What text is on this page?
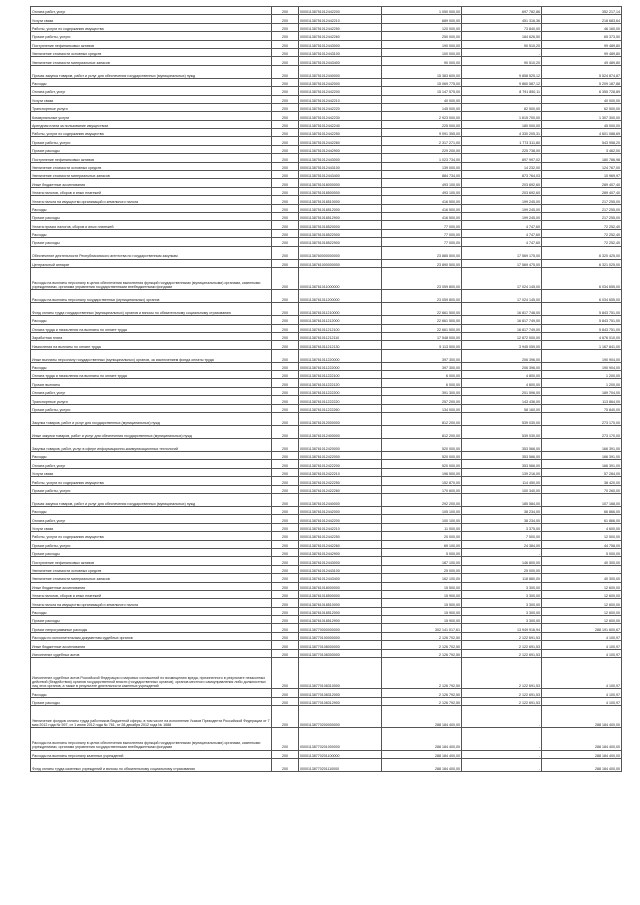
Оплата работ, услуг	200	00001138751012442200	1 050 000,00	697 782,86	352 217,14
Услуги связи	200	00001138751012442210	689 000,00	451 316,36	218 683,64
Работы, услуги по содержанию имущества	200	00001138751012442250	120 000,00	73 840,00	46 160,00
Прочие работы, услуги	200	00001138751012442260	250 000,00	184 626,50	65 373,50
Поступление нефинансовых активов	200	00001138751012443000	190 000,00	90 510,20	99 489,80
Увеличение стоимости основных средств	200	00001138751012443100	100 000,00	-	99 489,80
Увеличение стоимости материальных запасов	200	00001138751012443400	90 000,00	90 510,20	49 489,80
Прочая закупка товаров, работ и услуг для обеспечения государственных (муниципальных) нужд	200	00001138751012440000	15 383 600,00	9 858 525,12	5 524 874,87
Расходы	200	00001138751012442000	15 069 775,00	9 860 587,12	5 209 187,88
Оплата работ, услуг	200	00001138751012442200	15 147 575,00	8 791 850,11	6 355 728,89
Услуги связи	200	00001138751012442210	40 000,00	-	40 000,00
Транспортные услуги	200	00001138751012442220	145 000,00	82 500,00	62 500,00
Коммунальные услуги	200	00001138751012442230	2 923 000,00	1 615 700,00	1 307 300,00
Арендная плата за пользование имуществом	200	00001138751012442240	225 000,00	180 000,00	45 000,00
Работы, услуги по содержанию имущества	200	00001138751012442250	9 091 355,00	4 330 205,31	4 601 088,69
Прочие работы, услуги	200	00001138751012442260	2 317 271,00	1 773 311,80	543 958,20
Прочие расходы	200	00001138751012442900	229 200,00	225 738,00	3 462,00
Поступление нефинансовых активов	200	00001138751012443000	1 023 734,00	897 997,02	180 786,98
Увеличение стоимости основных средств	200	00001138751012443100	139 000,00	14 232,00	124 767,00
Увеличение стоимости материальных запасов	200	00001138751012443400	884 734,00	873 764,03	10 969,97
Иные бюджетные ассигнования	200	00001138751018000000	493 100,00	203 692,60	289 407,40
Уплата налогов, сборов и иных платежей	200	00001138751018500000	493 100,00	203 692,60	289 407,40
Уплата налога на имущество организаций и земельного налога	200	00001138751018510000	416 500,00	199 245,00	217 255,00
Расходы	200	00001138751018512000	416 500,00	199 245,00	217 255,00
Прочие расходы	200	00001138751018512900	416 500,00	199 245,00	217 255,00
Уплата прочих налогов, сборов и иных платежей	200	00001138751018520000	77 000,00	4 747,60	72 252,40
Расходы	200	00001138751018522000	77 000,00	4 747,60	72 252,40
Прочие расходы	200	00001138751018522900	77 000,00	4 747,60	72 252,40
Обеспечение деятельности Республиканского агентства по государственным закупкам	200	00001138760000000000	23 885 500,00	17 569 175,00	6 320 425,00
Центральный аппарат	200	00001138761000000000	23 890 500,00	17 569 475,00	6 321 025,00
Расходы на выплаты персоналу в целях обеспечения выполнения функций государственными (муниципальными) органами, казенными учреждениями, органами управления государственными внебюджетными фондами	200	00001138761011000000	23 059 800,00	17 024 145,00	6 034 655,00
Расходы на выплаты персоналу государственных (муниципальных) органов	200	00001138761011200000	23 059 800,00	17 024 145,00	6 034 655,00
Фонд оплаты труда государственных (муниципальных) органов и взносы по обязательному социальному страхованию	200	00001138761011210000	22 661 500,00	16 817 748,00	5 843 751,00
Расходы	200	00001138761011212000	22 661 500,00	16 817 749,00	5 843 751,00
Оплата труда и начисления на выплаты по оплате труда	200	00001138761011212100	22 661 500,00	16 817 749,00	5 843 751,00
Заработная плата	200	00001138761011212110	17 548 000,00	12 872 000,00	4 676 010,00
Начисления на выплаты по оплате труда	200	00001138761011212130	5 113 500,00	3 945 059,00	1 167 841,00
Иные выплаты персоналу государственных (муниципальных) органов, за исключением фонда оплаты труда	200	00001138761011220000	397 300,00	206 396,00	190 904,00
Расходы	200	00001138761011222000	397 300,00	206 396,00	190 904,00
Оплата труда и начисления на выплаты по оплате труда	200	00001138761011222100	6 000,00	4 800,00	1 200,00
Прочие выплаты	200	00001138761011222120	6 000,00	4 800,00	1 200,00
Оплата работ, услуг	200	00001138761011222200	391 300,00	201 596,00	189 704,00
Транспортные услуги	200	00001138761011222220	257 200,00	143 436,00	113 864,00
Прочие работы, услуги	200	00001138761011222260	134 000,00	58 160,00	75 840,00
Закупка товаров, работ и услуг для государственных (муниципальных) нужд	200	00001138761012000000	812 200,00	539 030,00	273 170,00
Иные закупки товаров, работ и услуг для обеспечения государственных (муниципальных) нужд	200	00001138761012400000	812 200,00	539 030,00	273 170,00
Закупка товаров, работ, услуг в сфере информационно-коммуникационных технологий	200	00001138761012420000	520 000,00	353 566,00	166 391,00
Расходы	200	00001138761012422000	520 000,00	353 566,00	166 391,00
Оплата работ, услуг	200	00001138761012422200	520 000,00	353 566,00	166 391,00
Услуги связи	200	00001138761012422210	196 500,00	139 216,00	57 284,00
Работы, услуги по содержанию имущества	200	00001138761012422250	152 870,00	114 450,00	38 420,00
Прочие работы, услуги	200	00001138761012422260	170 600,00	100 340,00	70 260,00
Прочая закупка товаров, работ и услуг для обеспечения государственных (муниципальных) нужд	200	00001138761012440000	292 200,00	185 584,00	107 168,00
Расходы	200	00001138761012442000	105 100,00	38 234,00	66 866,00
Оплата работ, услуг	200	00001138761012442200	100 100,00	38 234,00	61 866,00
Услуги связи	200	00001138761012442210	11 000,00	3 375,00	4 600,00
Работы, услуги по содержанию имущества	200	00001138761012442250	20 000,00	7 500,00	12 500,00
Прочие работы, услуги	200	00001138761012442260	69 100,00	24 384,00	44 758,00
Прочие расходы	200	00001138761012442900	5 000,00	-	5 000,00
Поступление нефинансовых активов	200	00001138761012443000	187 100,00	146 800,00	40 300,00
Увеличение стоимости основных средств	200	00001138761012443100	25 000,00	25 000,00	-
Увеличение стоимости материальных запасов	200	00001138761012443400	162 100,00	118 880,00	40 300,00
Иные бюджетные ассигнования	200	00001138761018000000	15 500,00	3 300,00	12 600,00
Уплата налогов, сборов и иных платежей	200	00001138761018500000	15 900,00	3 300,00	12 600,00
Уплата налога на имущество организаций и земельного налога	200	00001138761018510000	15 500,00	3 300,00	12 600,00
Расходы	200	00001138761018512000	15 900,00	3 300,00	12 600,00
Прочие расходы	200	00001138761018512900	15 900,00	3 300,00	12 600,00
Прочие непрограммные расходы	200	00001138770000000000	302 141 017,61	13 949 916,94	288 191 600,67
Расходы по исполнительным документам судебных органов	200	00001138770100000000	2 126 702,50	2 122 691,53	4 100,97
Иные бюджетные ассигнования	200	00001138770108000000	2 126 702,50	2 122 691,53	4 100,97
Исполнение судебных актов	200	00001138770108300000	2 126 792,50	2 122 691,53	4 100,97
Исполнение судебных актов Российской Федерации и мировых соглашений по возмещению вреда, причиненного в результате незаконных действий (бездействия) органов государственной власти (государственных органов), органов местного самоуправления либо должностных лиц этих органов, а также в результате деятельности казенных учреждений	200	00001138770108310000	2 126 792,50	2 122 691,53	4 100,97
Расходы	200	00001138770108312000	2 126 792,50	2 122 691,53	4 100,97
Прочие расходы	200	00001138770108312900	2 126 792,50	2 122 691,53	4 100,97
Увеличение фондов оплаты труда работников бюджетной сферы, в том числе на исполнение Указов Президента Российской Федерации от 7 мая 2012 года № 597, от 1 июня 2012 года № 761, от 28 декабря 2012 года № 1688	200	00001138770200000000	288 184 400,00	-	288 184 400,00
Расходы на выплаты персоналу в целях обеспечения выполнения функций государственными (муниципальными) органами, казенными учреждениями, органами управления государственными внебюджетными фондами	200	00001138770201000000	288 184 400,00	-	288 184 400,00
Расходы на выплаты персоналу казенных учреждений	200	00001138770201100000	288 184 400,00	-	288 184 400,00
Фонд оплаты труда казенных учреждений и взносы по обязательному социальному страхованию	200	00001138770201110000	288 184 400,00	-	288 184 400,00
